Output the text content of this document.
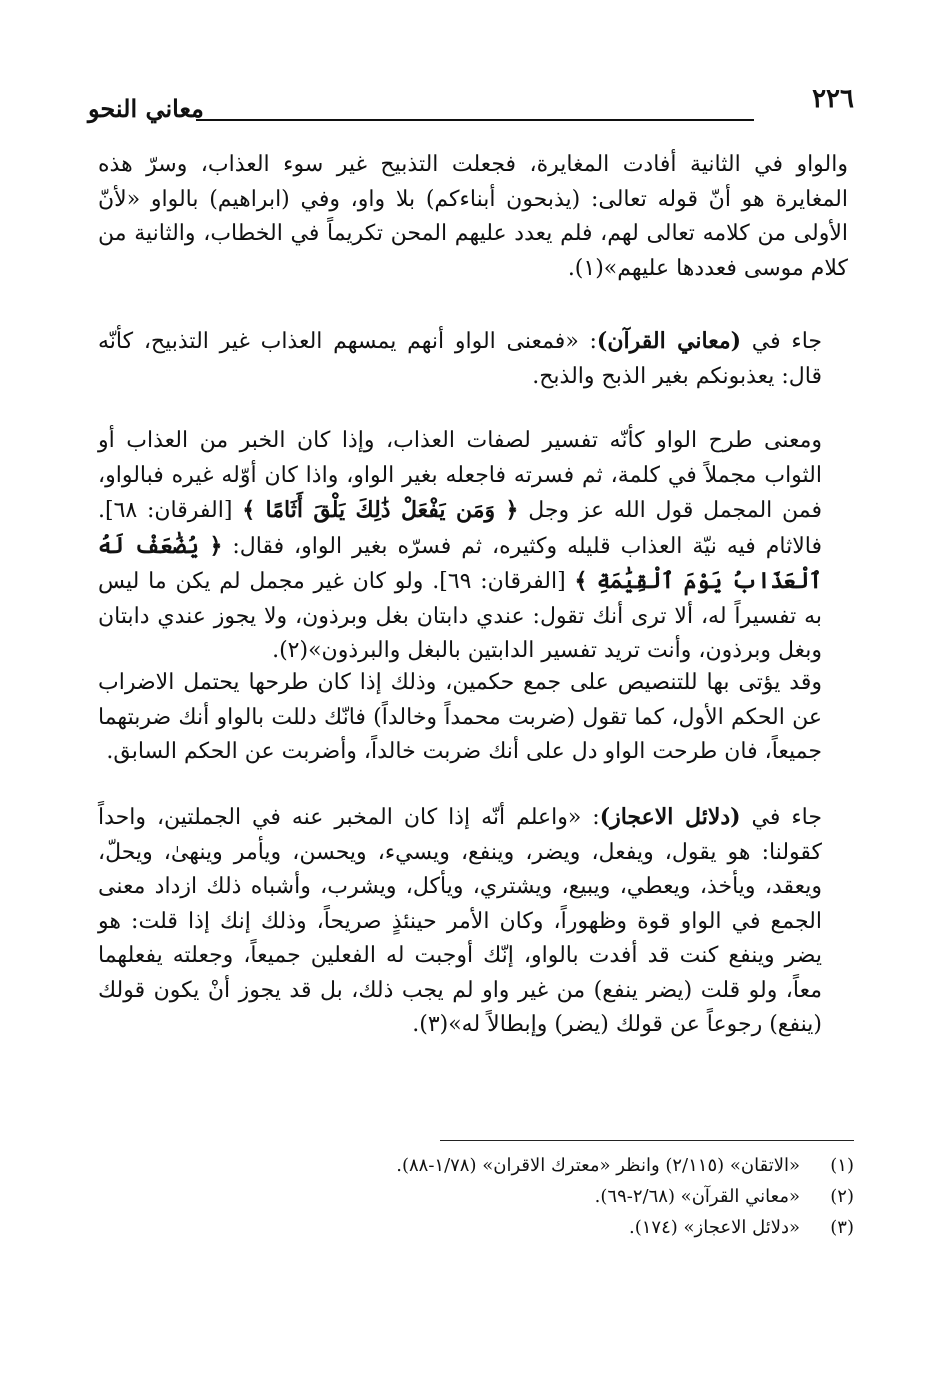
٢٢٦
معاني النحو

والواو في الثانية أفادت المغايرة، فجعلت التذبيح غير سوء العذاب، وسرّ هذه المغايرة هو أنّ قوله تعالى: (يذبحون أبناءكم) بلا واو، وفي (ابراهيم) بالواو «لأنّ الأولى من كلامه تعالى لهم، فلم يعدد عليهم المحن تكريماً في الخطاب، والثانية من كلام موسى فعددها عليهم»(١).

جاء في (معاني القرآن): «فمعنى الواو أنهم يمسهم العذاب غير التذبيح، كأنّه قال: يعذبونكم بغير الذبح والذبح.

ومعنى طرح الواو كأنّه تفسير لصفات العذاب، وإذا كان الخبر من العذاب أو الثواب مجملاً في كلمة، ثم فسرته فاجعله بغير الواو، واذا كان أوّله غيره فبالواو، فمن المجمل قول الله عز وجل ﴿ وَمَن يَفْعَلْ ذَٰلِكَ يَلْقَ أَثَامًا ﴾ [الفرقان: ٦٨]. فالاثام فيه نيّة العذاب قليله وكثيره، ثم فسرّه بغير الواو، فقال: ﴿ يُضَٰعَفْ لَهُ ٱلْعَذَابُ يَوْمَ ٱلْقِيَٰمَةِ ﴾ [الفرقان: ٦٩]. ولو كان غير مجمل لم يكن ما ليس به تفسيراً له، ألا ترى أنك تقول: عندي دابتان بغل وبرذون، ولا يجوز عندي دابتان وبغل وبرذون، وأنت تريد تفسير الدابتين بالبغل والبرذون»(٢).

وقد يؤتى بها للتنصيص على جمع حكمين، وذلك إذا كان طرحها يحتمل الاضراب عن الحكم الأول، كما تقول (ضربت محمداً وخالداً) فانّك دللت بالواو أنك ضربتهما جميعاً، فان طرحت الواو دل على أنك ضربت خالداً، وأضربت عن الحكم السابق.

جاء في (دلائل الاعجاز): «واعلم أنّه إذا كان المخبر عنه في الجملتين، واحداً كقولنا: هو يقول، ويفعل، ويضر، وينفع، ويسيء، ويحسن، ويأمر وينهىٰ، ويحلّ، ويعقد، ويأخذ، ويعطي، ويبيع، ويشتري، ويأكل، ويشرب، وأشباه ذلك ازداد معنى الجمع في الواو قوة وظهوراً، وكان الأمر حينئذٍ صريحاً، وذلك إنك إذا قلت: هو يضر وينفع كنت قد أفدت بالواو، إنّك أوجبت له الفعلين جميعاً، وجعلته يفعلهما معاً، ولو قلت (يضر ينفع) من غير واو لم يجب ذلك، بل قد يجوز أنْ يكون قولك (ينفع) رجوعاً عن قولك (يضر) وإبطالاً له»(٣).

(١)
«الاتقان» (٢/١١٥) وانظر «معترك الاقران» (١/٧٨-٨٨).
(٢)
«معاني القرآن» (٢/٦٨-٦٩).
(٣)
«دلائل الاعجاز» (١٧٤).
